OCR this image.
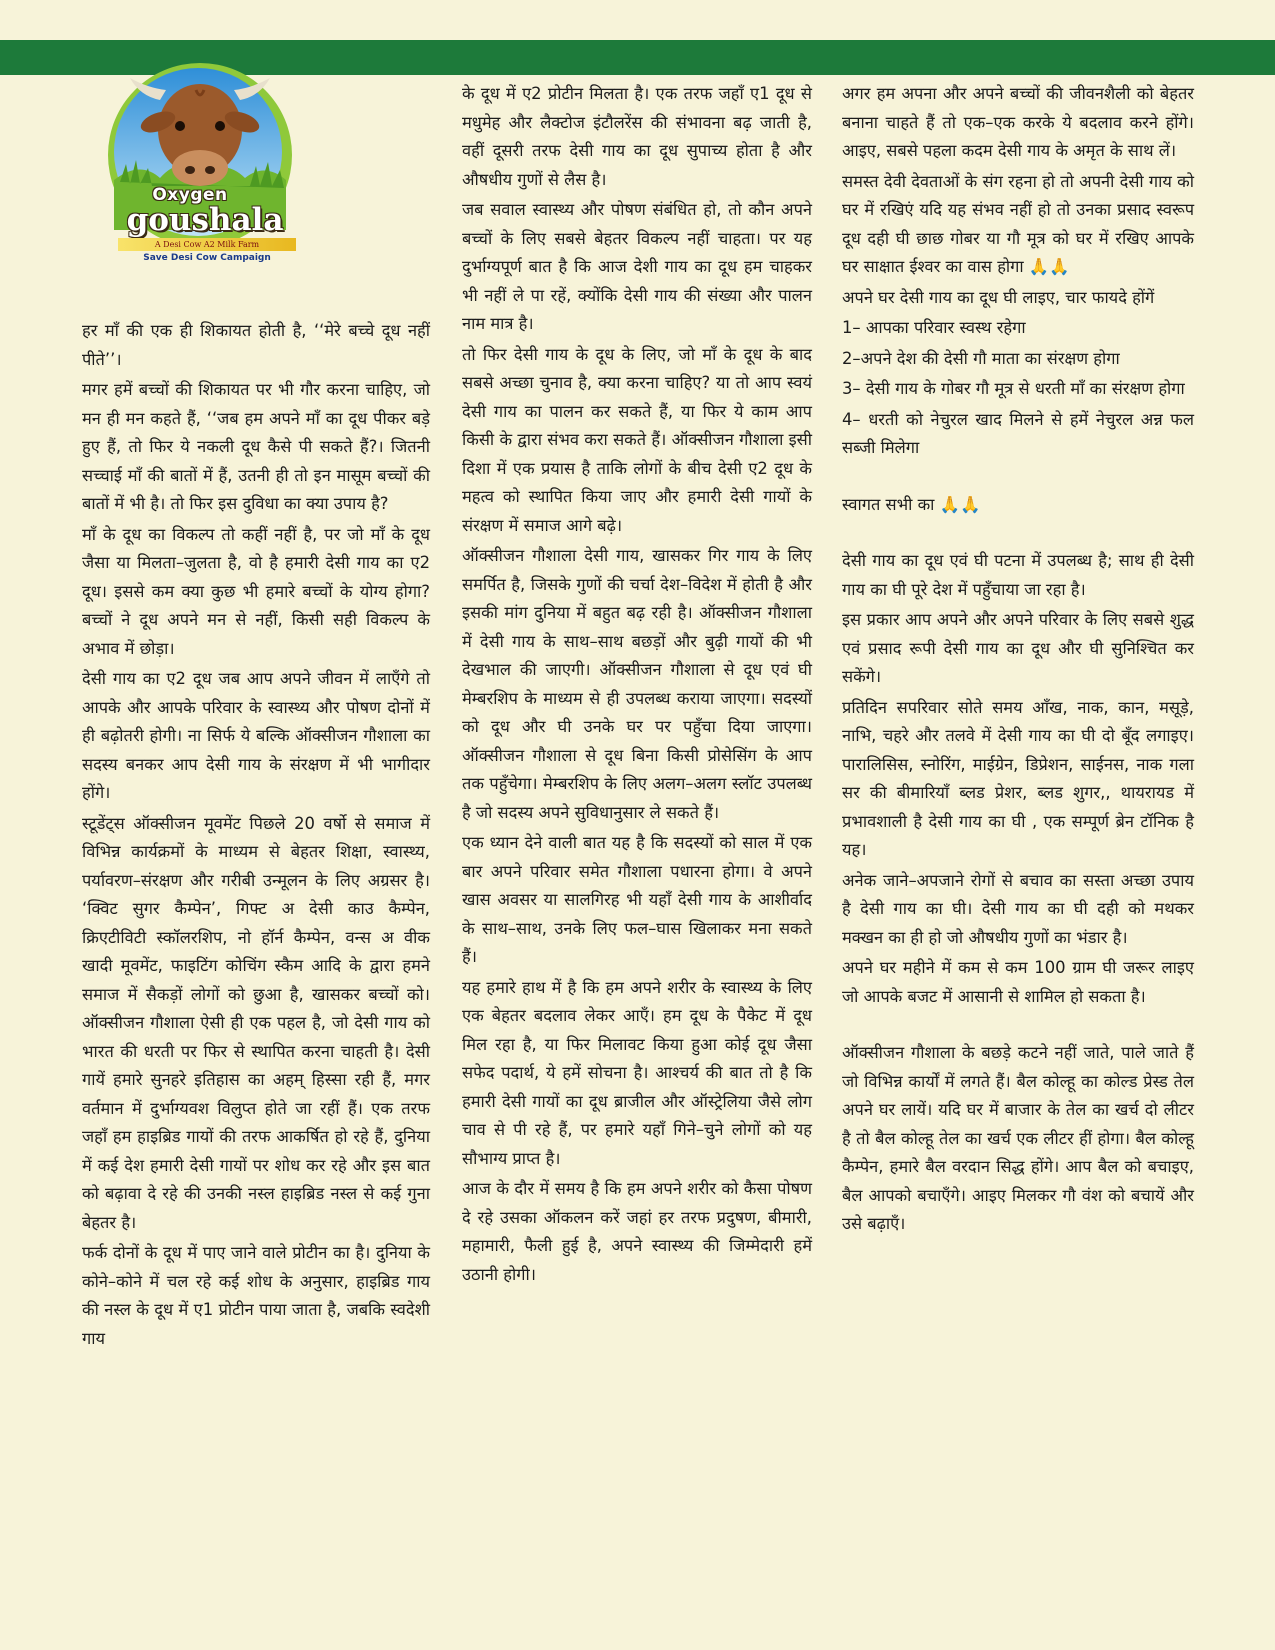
Oxygen
goushala
A Desi Cow A2 Milk Farm
Save Desi Cow Campaign

हर माँ की एक ही शिकायत होती है, ‘‘मेरे बच्चे दूध नहीं पीते’’।

मगर हमें बच्चों की शिकायत पर भी गौर करना चाहिए, जो मन ही मन कहते हैं, ‘‘जब हम अपने माँ का दूध पीकर बड़े हुए हैं, तो फिर ये नकली दूध कैसे पी सकते हैं?। जितनी सच्चाई माँ की बातों में हैं, उतनी ही तो इन मासूम बच्चों की बातों में भी है। तो फिर इस दुविधा का क्या उपाय है?

माँ के दूध का विकल्प तो कहीं नहीं है, पर जो माँ के दूध जैसा या मिलता–जुलता है, वो है हमारी देसी गाय का ए2 दूध। इससे कम क्या कुछ भी हमारे बच्चों के योग्य होगा? बच्चों ने दूध अपने मन से नहीं, किसी सही विकल्प के अभाव में छोड़ा।

देसी गाय का ए2 दूध जब आप अपने जीवन में लाएँगे तो आपके और आपके परिवार के स्वास्थ्य और पोषण दोनों में ही बढ़ोतरी होगी। ना सिर्फ ये बल्कि ऑक्सीजन गौशाला का सदस्य बनकर आप देसी गाय के संरक्षण में भी भागीदार होंगे।

स्टूडेंट्स ऑक्सीजन मूवमेंट पिछले 20 वर्षो से समाज में विभिन्न कार्यक्रमों के माध्यम से बेहतर शिक्षा, स्वास्थ्य, पर्यावरण–संरक्षण और गरीबी उन्मूलन के लिए अग्रसर है। ‘क्विट सुगर कैम्पेन’, गिफ्ट अ देसी काउ कैम्पेन, क्रिएटीविटी स्कॉलरशिप, नो हॉर्न कैम्पेन, वन्स अ वीक खादी मूवमेंट, फाइटिंग कोचिंग स्कैम आदि के द्वारा हमने समाज में सैकड़ों लोगों को छुआ है, खासकर बच्चों को। ऑक्सीजन गौशाला ऐसी ही एक पहल है, जो देसी गाय को भारत की धरती पर फिर से स्थापित करना चाहती है। देसी गायें हमारे सुनहरे इतिहास का अहम् हिस्सा रही हैं, मगर वर्तमान में दुर्भाग्यवश विलुप्त होते जा रहीं हैं। एक तरफ जहाँ हम हाइब्रिड गायों की तरफ आकर्षित हो रहे हैं, दुनिया में कई देश हमारी देसी गायों पर शोध कर रहे और इस बात को बढ़ावा दे रहे की उनकी नस्ल हाइब्रिड नस्ल से कई गुना बेहतर है।

फर्क दोनों के दूध में पाए जाने वाले प्रोटीन का है। दुनिया के कोने–कोने में चल रहे कई शोध के अनुसार, हाइब्रिड गाय की नस्ल के दूध में ए1 प्रोटीन पाया जाता है, जबकि स्वदेशी गाय

के दूध में ए2 प्रोटीन मिलता है। एक तरफ जहाँ ए1 दूध से मधुमेह और लैक्टोज इंटौलरेंस की संभावना बढ़ जाती है, वहीं दूसरी तरफ देसी गाय का दूध सुपाच्य होता है और औषधीय गुणों से लैस है।

जब सवाल स्वास्थ्य और पोषण संबंधित हो, तो कौन अपने बच्चों के लिए सबसे बेहतर विकल्प नहीं चाहता। पर यह दुर्भाग्यपूर्ण बात है कि आज देशी गाय का दूध हम चाहकर भी नहीं ले पा रहें, क्योंकि देसी गाय की संख्या और पालन नाम मात्र है।

तो फिर देसी गाय के दूध के लिए, जो माँ के दूध के बाद सबसे अच्छा चुनाव है, क्या करना चाहिए? या तो आप स्वयं देसी गाय का पालन कर सकते हैं, या फिर ये काम आप किसी के द्वारा संभव करा सकते हैं। ऑक्सीजन गौशाला इसी दिशा में एक प्रयास है ताकि लोगों के बीच देसी ए2 दूध के महत्व को स्थापित किया जाए और हमारी देसी गायों के संरक्षण में समाज आगे बढ़े।

ऑक्सीजन गौशाला देसी गाय, खासकर गिर गाय के लिए समर्पित है, जिसके गुणों की चर्चा देश–विदेश में होती है और इसकी मांग दुनिया में बहुत बढ़ रही है। ऑक्सीजन गौशाला में देसी गाय के साथ–साथ बछड़ों और बुढ़ी गायों की भी देखभाल की जाएगी। ऑक्सीजन गौशाला से दूध एवं घी मेम्बरशिप के माध्यम से ही उपलब्ध कराया जाएगा। सदस्यों को दूध और घी उनके घर पर पहुँचा दिया जाएगा। ऑक्सीजन गौशाला से दूध बिना किसी प्रोसेसिंग के आप तक पहुँचेगा। मेम्बरशिप के लिए अलग–अलग स्लॉट उपलब्ध है जो सदस्य अपने सुविधानुसार ले सकते हैं।

एक ध्यान देने वाली बात यह है कि सदस्यों को साल में एक बार अपने परिवार समेत गौशाला पधारना होगा। वे अपने खास अवसर या सालगिरह भी यहाँ देसी गाय के आशीर्वाद के साथ–साथ, उनके लिए फल–घास खिलाकर मना सकते हैं।

यह हमारे हाथ में है कि हम अपने शरीर के स्वास्थ्य के लिए एक बेहतर बदलाव लेकर आएँ। हम दूध के पैकेट में दूध मिल रहा है, या फिर मिलावट किया हुआ कोई दूध जैसा सफेद पदार्थ, ये हमें सोचना है। आश्चर्य की बात तो है कि हमारी देसी गायों का दूध ब्राजील और ऑस्ट्रेलिया जैसे लोग चाव से पी रहे हैं, पर हमारे यहाँ गिने–चुने लोगों को यह सौभाग्य प्राप्त है।

आज के दौर में समय है कि हम अपने शरीर को कैसा पोषण दे रहे उसका ऑकलन करें जहां हर तरफ प्रदुषण, बीमारी, महामारी, फैली हुई है, अपने स्वास्थ्य की जिम्मेदारी हमें उठानी होगी।

अगर हम अपना और अपने बच्चों की जीवनशैली को बेहतर बनाना चाहते हैं तो एक–एक करके ये बदलाव करने होंगे। आइए, सबसे पहला कदम देसी गाय के अमृत के साथ लें।

समस्त देवी देवताओं के संग रहना हो तो अपनी देसी गाय को घर में रखिएं यदि यह संभव नहीं हो तो उनका प्रसाद स्वरूप दूध दही घी छाछ गोबर या गौ मूत्र को घर में रखिए आपके घर साक्षात ईश्वर का वास होगा 🙏🙏

अपने घर देसी गाय का दूध घी लाइए, चार फायदे होंगें

1– आपका परिवार स्वस्थ रहेगा

2–अपने देश की देसी गौ माता का संरक्षण होगा

3– देसी गाय के गोबर गौ मूत्र से धरती माँ का संरक्षण होगा

4– धरती को नेचुरल खाद मिलने से हमें नेचुरल अन्न फल सब्जी मिलेगा

स्वागत सभी का 🙏🙏

देसी गाय का दूध एवं घी पटना में उपलब्ध है; साथ ही देसी गाय का घी पूरे देश में पहुँचाया जा रहा है।

इस प्रकार आप अपने और अपने परिवार के लिए सबसे शुद्ध एवं प्रसाद रूपी देसी गाय का दूध और घी सुनिश्चित कर सकेंगे।

प्रतिदिन सपरिवार सोते समय आँख, नाक, कान, मसूड़े, नाभि, चहरे और तलवे में देसी गाय का घी दो बूँद लगाइए। पारालिसिस, स्नोरिंग, माईग्रेन, डिप्रेशन, साईनस, नाक गला सर की बीमारियाँ ब्लड प्रेशर, ब्लड शुगर,, थायरायड में प्रभावशाली है देसी गाय का घी , एक सम्पूर्ण ब्रेन टॉनिक है यह।

अनेक जाने–अपजाने रोगों से बचाव का सस्ता अच्छा उपाय है देसी गाय का घी। देसी गाय का घी दही को मथकर मक्खन का ही हो जो औषधीय गुणों का भंडार है।

अपने घर महीने में कम से कम 100 ग्राम घी जरूर लाइए जो आपके बजट में आसानी से शामिल हो सकता है।

ऑक्सीजन गौशाला के बछड़े कटने नहीं जाते, पाले जाते हैं जो विभिन्न कार्यों में लगते हैं। बैल कोल्हू का कोल्ड प्रेस्ड तेल अपने घर लायें। यदि घर में बाजार के तेल का खर्च दो लीटर है तो बैल कोल्हू तेल का खर्च एक लीटर हीं होगा। बैल कोल्हू कैम्पेन, हमारे बैल वरदान सिद्ध होंगे। आप बैल को बचाइए, बैल आपको बचाएँगे। आइए मिलकर गौ वंश को बचायें और उसे बढ़ाएँ।
